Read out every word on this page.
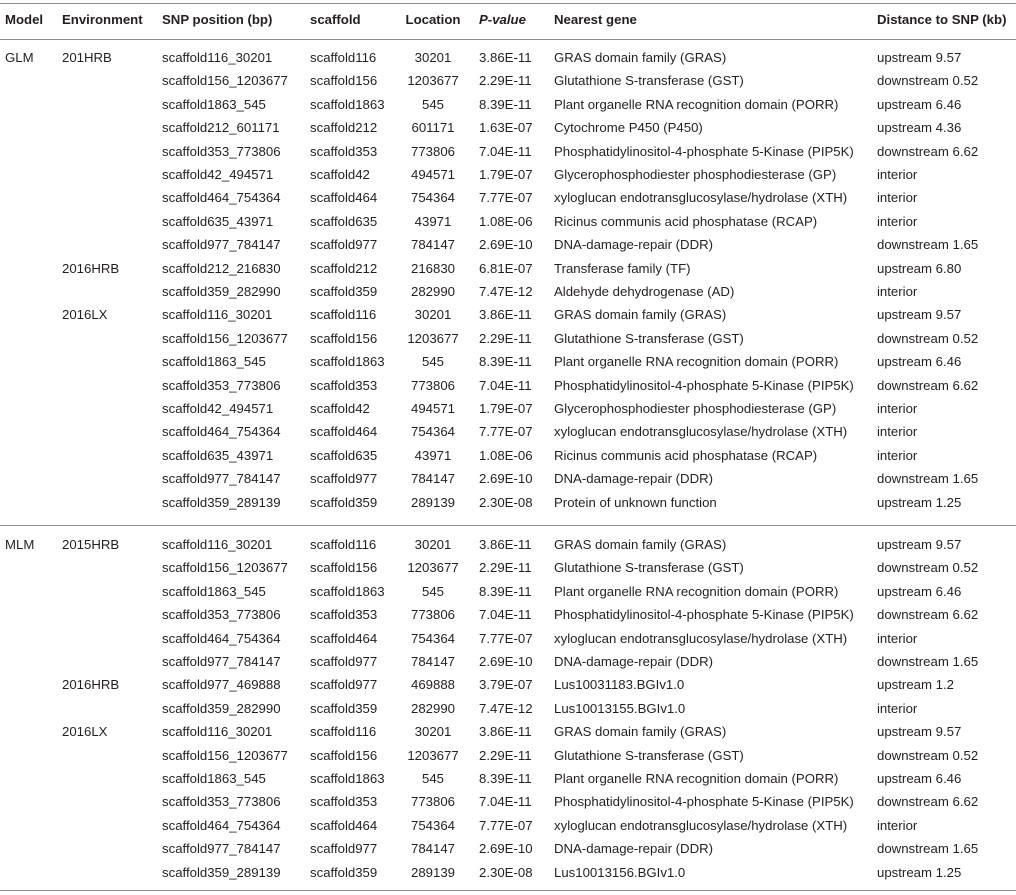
Model Environment SNP position (bp)	scaffold	Location	P-value Nearest gene	Distance to SNP (kb)
GLM 201HRB	scaffold116_30201	scaffold116	30201	3.86E-11 GRAS domain family (GRAS)	upstream 9.57
scaffold156_1203677 scaffold156	1203677	2.29E-11 Glutathione S-transferase (GST)	downstream 0.52
scaffold1863_545	scaffold1863	545	8.39E-11 Plant organelle RNA recognition domain (PORR)	upstream 6.46
scaffold212_601171 scaffold212	601171	1.63E-07 Cytochrome P450 (P450)	upstream 4.36
scaffold353_773806 scaffold353	773806	7.04E-11 Phosphatidylinositol-4-phosphate 5-Kinase (PIP5K) downstream 6.62
scaffold42_494571	scaffold42	494571	1.79E-07 Glycerophosphodiester phosphodiesterase (GP)	interior
scaffold464_754364 scaffold464	754364	7.77E-07 xyloglucan endotransglucosylase/hydrolase (XTH) interior
scaffold635_43971	scaffold635	43971	1.08E-06 Ricinus communis acid phosphatase (RCAP)	interior
scaffold977_784147 scaffold977	784147	2.69E-10 DNA-damage-repair (DDR)	downstream 1.65
2016HRB	scaffold212_216830 scaffold212	216830	6.81E-07 Transferase family (TF)	upstream 6.80
scaffold359_282990 scaffold359	282990	7.47E-12 Aldehyde dehydrogenase (AD)	interior
2016LX	scaffold116_30201	scaffold116	30201	3.86E-11 GRAS domain family (GRAS)	upstream 9.57
scaffold156_1203677 scaffold156	1203677	2.29E-11 Glutathione S-transferase (GST)	downstream 0.52
scaffold1863_545	scaffold1863	545	8.39E-11 Plant organelle RNA recognition domain (PORR)	upstream 6.46
scaffold353_773806 scaffold353	773806	7.04E-11 Phosphatidylinositol-4-phosphate 5-Kinase (PIP5K) downstream 6.62
scaffold42_494571	scaffold42	494571	1.79E-07 Glycerophosphodiester phosphodiesterase (GP)	interior
scaffold464_754364 scaffold464	754364	7.77E-07 xyloglucan endotransglucosylase/hydrolase (XTH) interior
scaffold635_43971	scaffold635	43971	1.08E-06 Ricinus communis acid phosphatase (RCAP)	interior
scaffold977_784147 scaffold977	784147	2.69E-10 DNA-damage-repair (DDR)	downstream 1.65
scaffold359_289139 scaffold359	289139	2.30E-08 Protein of unknown function	upstream 1.25
MLM 2015HRB	scaffold116_30201	scaffold116	30201	3.86E-11 GRAS domain family (GRAS)	upstream 9.57
scaffold156_1203677 scaffold156	1203677	2.29E-11 Glutathione S-transferase (GST)	downstream 0.52
scaffold1863_545	scaffold1863	545	8.39E-11 Plant organelle RNA recognition domain (PORR)	upstream 6.46
scaffold353_773806 scaffold353	773806	7.04E-11 Phosphatidylinositol-4-phosphate 5-Kinase (PIP5K) downstream 6.62
scaffold464_754364 scaffold464	754364	7.77E-07 xyloglucan endotransglucosylase/hydrolase (XTH) interior
scaffold977_784147 scaffold977	784147	2.69E-10 DNA-damage-repair (DDR)	downstream 1.65
2016HRB	scaffold977_469888 scaffold977	469888	3.79E-07 Lus10031183.BGIv1.0	upstream 1.2
scaffold359_282990 scaffold359	282990	7.47E-12 Lus10013155.BGIv1.0	interior
2016LX	scaffold116_30201	scaffold116	30201	3.86E-11 GRAS domain family (GRAS)	upstream 9.57
scaffold156_1203677 scaffold156	1203677	2.29E-11 Glutathione S-transferase (GST)	downstream 0.52
scaffold1863_545	scaffold1863	545	8.39E-11 Plant organelle RNA recognition domain (PORR)	upstream 6.46
scaffold353_773806 scaffold353	773806	7.04E-11 Phosphatidylinositol-4-phosphate 5-Kinase (PIP5K) downstream 6.62
scaffold464_754364 scaffold464	754364	7.77E-07 xyloglucan endotransglucosylase/hydrolase (XTH) interior
scaffold977_784147 scaffold977	784147	2.69E-10 DNA-damage-repair (DDR)	downstream 1.65
scaffold359_289139 scaffold359	289139	2.30E-08 Lus10013156.BGIv1.0	upstream 1.25
